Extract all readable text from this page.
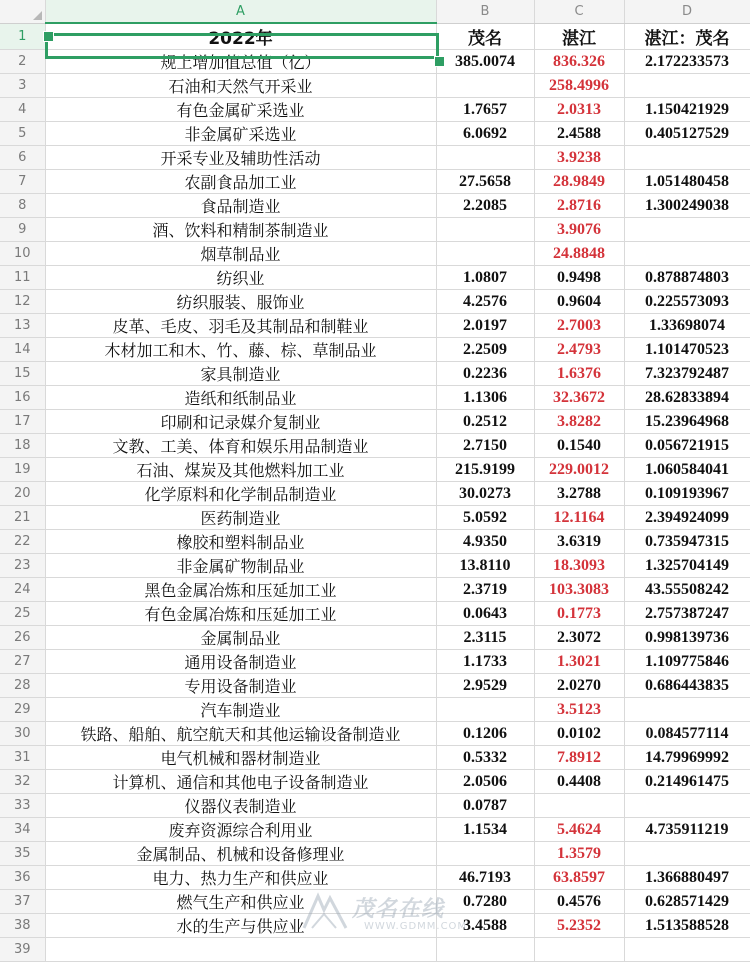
	A	B	C	D
1	2022年	茂名	湛江	湛江：茂名
2	规上增加值总值（亿）	385.0074	836.326	2.172233573
3	石油和天然气开采业		258.4996	
4	有色金属矿采选业	1.7657	2.0313	1.150421929
5	非金属矿采选业	6.0692	2.4588	0.405127529
6	开采专业及辅助性活动		3.9238	
7	农副食品加工业	27.5658	28.9849	1.051480458
8	食品制造业	2.2085	2.8716	1.300249038
9	酒、饮料和精制茶制造业		3.9076	
10	烟草制品业		24.8848	
11	纺织业	1.0807	0.9498	0.878874803
12	纺织服装、服饰业	4.2576	0.9604	0.225573093
13	皮革、毛皮、羽毛及其制品和制鞋业	2.0197	2.7003	1.33698074
14	木材加工和木、竹、藤、棕、草制品业	2.2509	2.4793	1.101470523
15	家具制造业	0.2236	1.6376	7.323792487
16	造纸和纸制品业	1.1306	32.3672	28.62833894
17	印刷和记录媒介复制业	0.2512	3.8282	15.23964968
18	文教、工美、体育和娱乐用品制造业	2.7150	0.1540	0.056721915
19	石油、煤炭及其他燃料加工业	215.9199	229.0012	1.060584041
20	化学原料和化学制品制造业	30.0273	3.2788	0.109193967
21	医药制造业	5.0592	12.1164	2.394924099
22	橡胶和塑料制品业	4.9350	3.6319	0.735947315
23	非金属矿物制品业	13.8110	18.3093	1.325704149
24	黑色金属冶炼和压延加工业	2.3719	103.3083	43.55508242
25	有色金属冶炼和压延加工业	0.0643	0.1773	2.757387247
26	金属制品业	2.3115	2.3072	0.998139736
27	通用设备制造业	1.1733	1.3021	1.109775846
28	专用设备制造业	2.9529	2.0270	0.686443835
29	汽车制造业		3.5123	
30	铁路、船舶、航空航天和其他运输设备制造业	0.1206	0.0102	0.084577114
31	电气机械和器材制造业	0.5332	7.8912	14.79969992
32	计算机、通信和其他电子设备制造业	2.0506	0.4408	0.214961475
33	仪器仪表制造业	0.0787		
34	废弃资源综合利用业	1.1534	5.4624	4.735911219
35	金属制品、机械和设备修理业		1.3579	
36	电力、热力生产和供应业	46.7193	63.8597	1.366880497
37	燃气生产和供应业	0.7280	0.4576	0.628571429
38	水的生产与供应业	3.4588	5.2352	1.513588528
39				
茂名在线
WWW.GDMM.COM
